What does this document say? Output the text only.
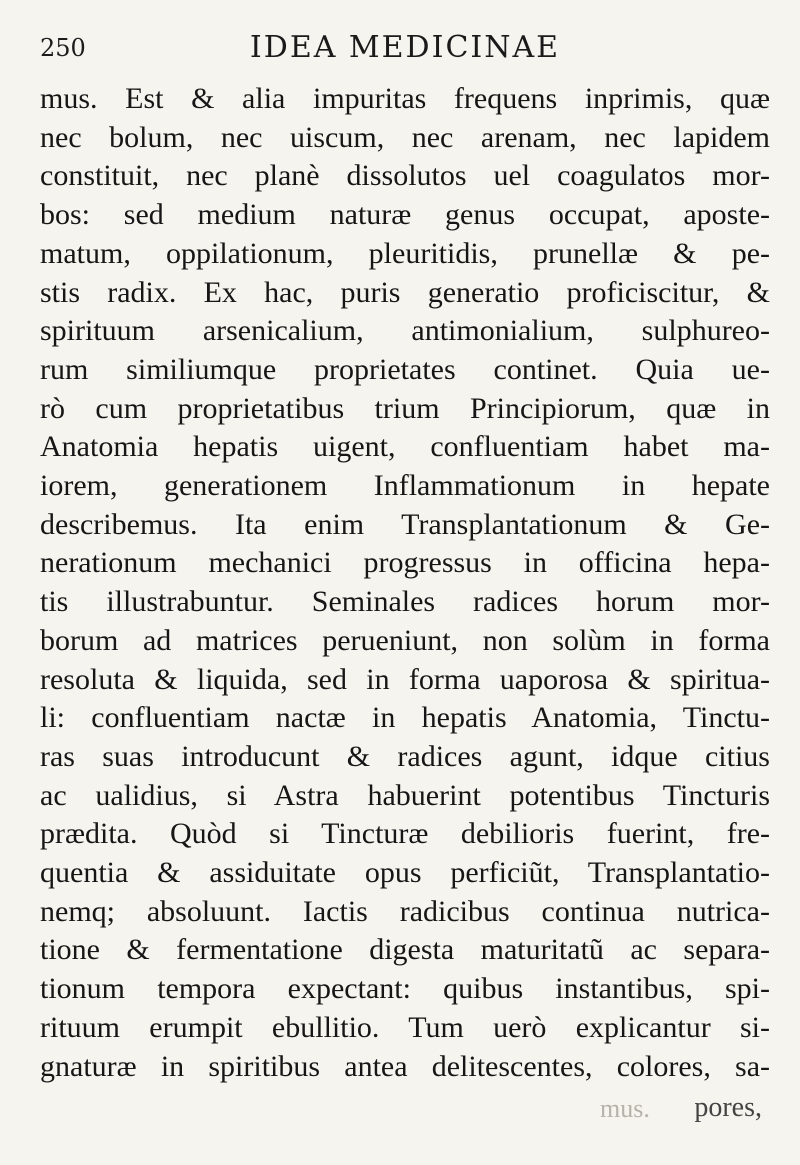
250	IDEA MEDICINAE
mus. Est & alia impuritas frequens inprimis, quæ
nec bolum, nec uiscum, nec arenam, nec lapidem
constituit, nec planè dissolutos uel coagulatos mor-
bos: sed medium naturæ genus occupat, aposte-
matum, oppilationum, pleuritidis, prunellæ & pe-
stis radix. Ex hac, puris generatio proficiscitur, &
spirituum arsenicalium, antimonialium, sulphureo-
rum similiumque proprietates continet. Quia ue-
rò cum proprietatibus trium Principiorum, quæ in
Anatomia hepatis uigent, confluentiam habet ma-
iorem, generationem Inflammationum in hepate
describemus. Ita enim Transplantationum & Ge-
nerationum mechanici progressus in officina hepa-
tis illustrabuntur. Seminales radices horum mor-
borum ad matrices perueniunt, non solùm in forma
resoluta & liquida, sed in forma uaporosa & spiritua-
li: confluentiam nactæ in hepatis Anatomia, Tinctu-
ras suas introducunt & radices agunt, idque citius
ac ualidius, si Astra habuerint potentibus Tincturis
prædita. Quòd si Tincturæ debilioris fuerint, fre-
quentia & assiduitate opus perficiũt, Transplantatio-
nemq; absoluunt. Iactis radicibus continua nutrica-
tione & fermentatione digesta maturitatũ ac separa-
tionum tempora expectant: quibus instantibus, spi-
rituum erumpit ebullitio. Tum uerò explicantur si-
gnaturæ in spiritibus antea delitescentes, colores, sa-
mus. pores,
